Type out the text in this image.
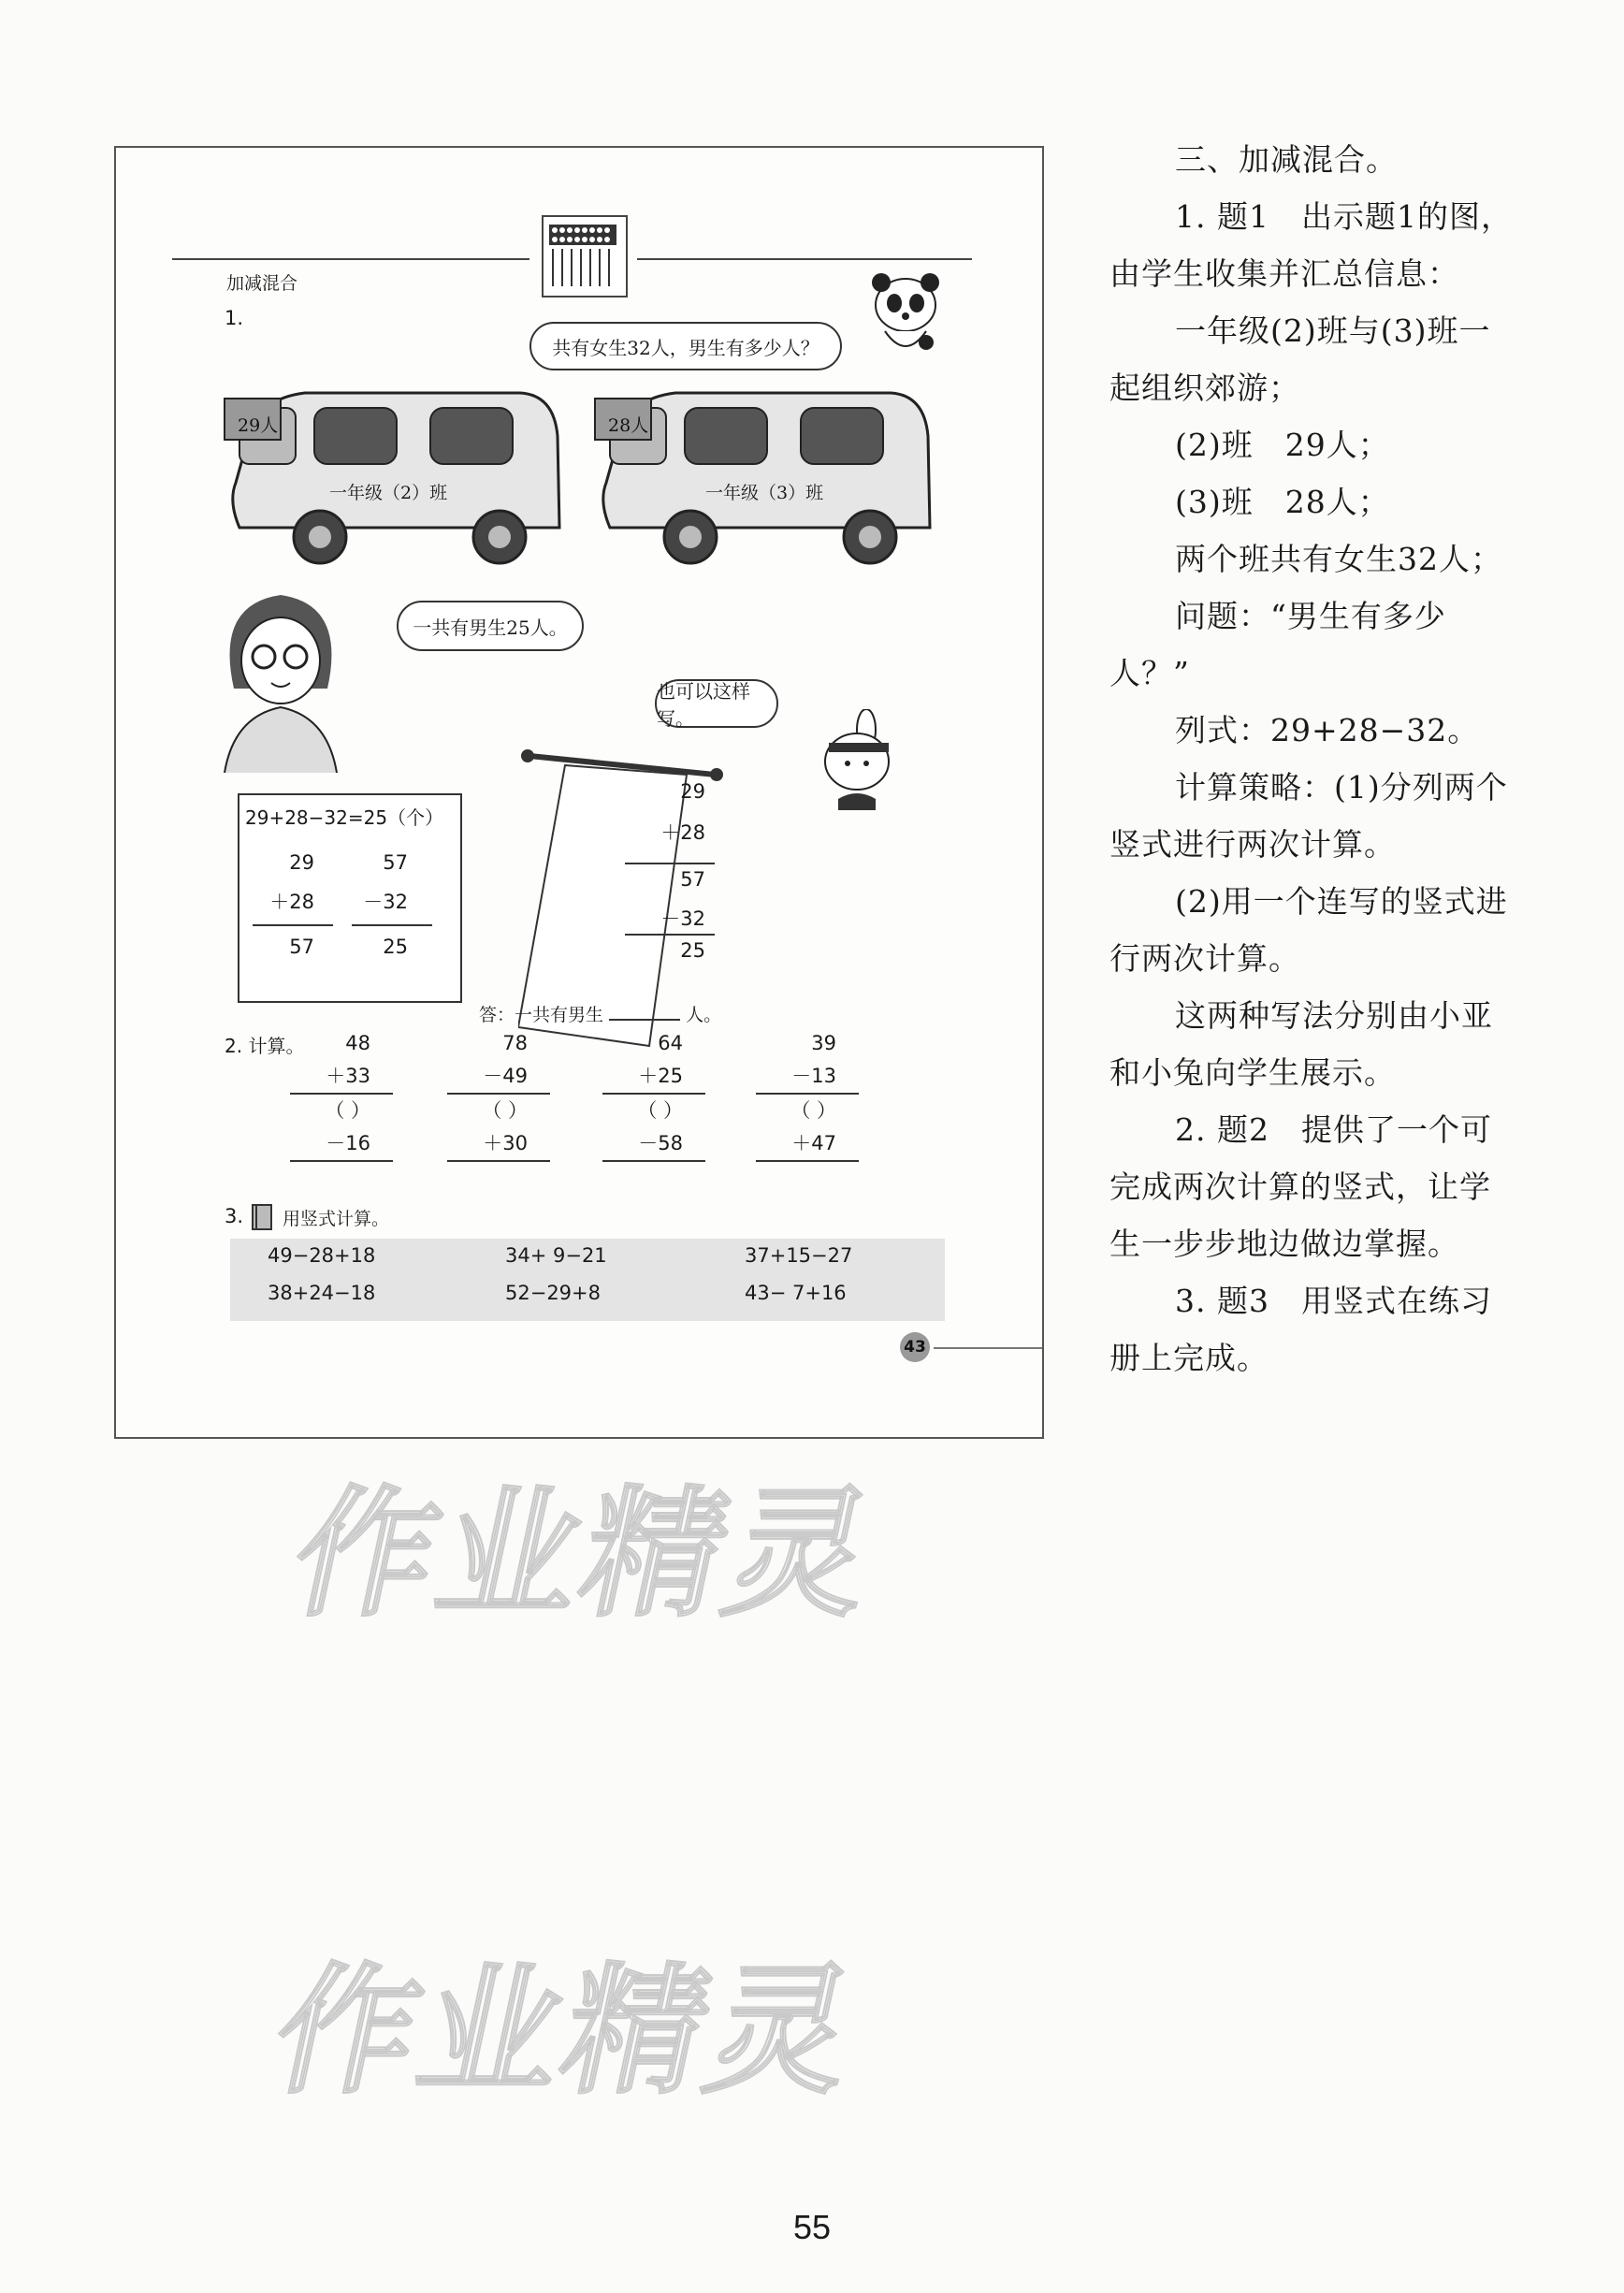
加减混合
1.
共有女生32人，男生有多少人？
29人
一年级（2）班
28人
一年级（3）班
一共有男生25人。
29+28−32=25（个）
29
＋28
57
57
－32
25
也可以这样写。
29
＋28
57
－32
25
答：一共有男生	人。
2. 计算。	48
＋33
（ ）
－16
78
－49
（ ）
＋30
64
＋25
（ ）
－58
39
－13
（ ）
＋47
3. 用竖式计算。
49−28+18	34+ 9−21	37+15−27
38+24−18	52−29+8	43− 7+16
43

三、加减混合。

1. 题1　出示题1的图，由学生收集并汇总信息：

一年级(2)班与(3)班一起组织郊游；

(2)班　29人；

(3)班　28人；

两个班共有女生32人；

问题：“男生有多少人？”

列式：29+28−32。

计算策略：(1)分列两个竖式进行两次计算。

(2)用一个连写的竖式进行两次计算。

这两种写法分别由小亚和小兔向学生展示。

2. 题2　提供了一个可完成两次计算的竖式，让学生一步步地边做边掌握。

3. 题3　用竖式在练习册上完成。

作业精灵
作业精灵
55
